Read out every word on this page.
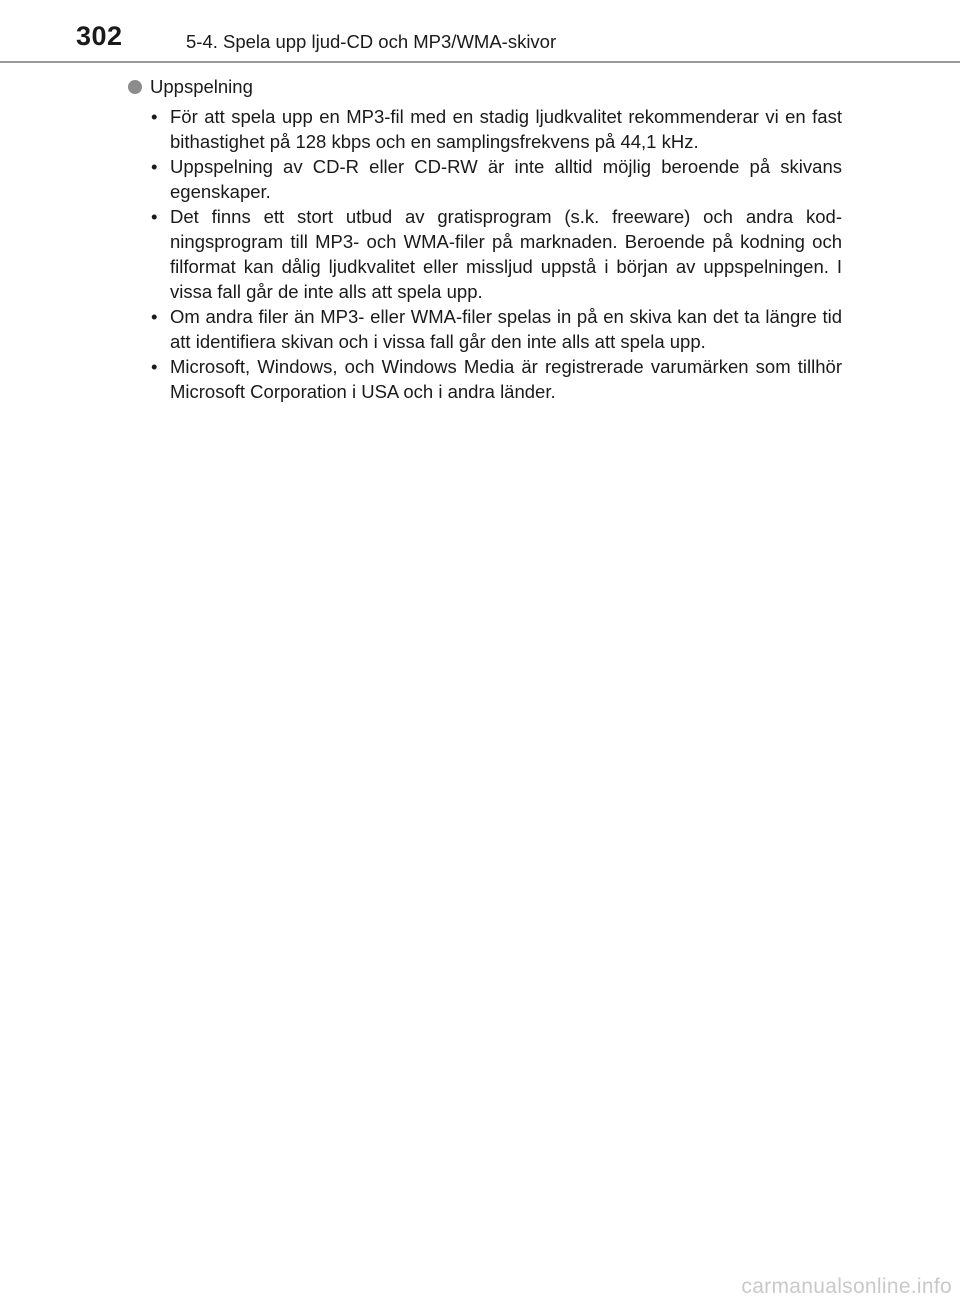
302	5-4. Spela upp ljud-CD och MP3/WMA-skivor
Uppspelning
• För att spela upp en MP3-fil med en stadig ljudkvalitet rekommenderar vi en fast bithastighet på 128 kbps och en samplingsfrekvens på 44,1 kHz.
• Uppspelning av CD-R eller CD-RW är inte alltid möjlig beroende på skivans egenskaper.
• Det finns ett stort utbud av gratisprogram (s.k. freeware) och andra kodningsprogram till MP3- och WMA-filer på marknaden. Beroende på kodning och filformat kan dålig ljudkvalitet eller missljud uppstå i början av uppspelningen. I vissa fall går de inte alls att spela upp.
• Om andra filer än MP3- eller WMA-filer spelas in på en skiva kan det ta längre tid att identifiera skivan och i vissa fall går den inte alls att spela upp.
• Microsoft, Windows, och Windows Media är registrerade varumärken som tillhör Microsoft Corporation i USA och i andra länder.
carmanualsonline.info
